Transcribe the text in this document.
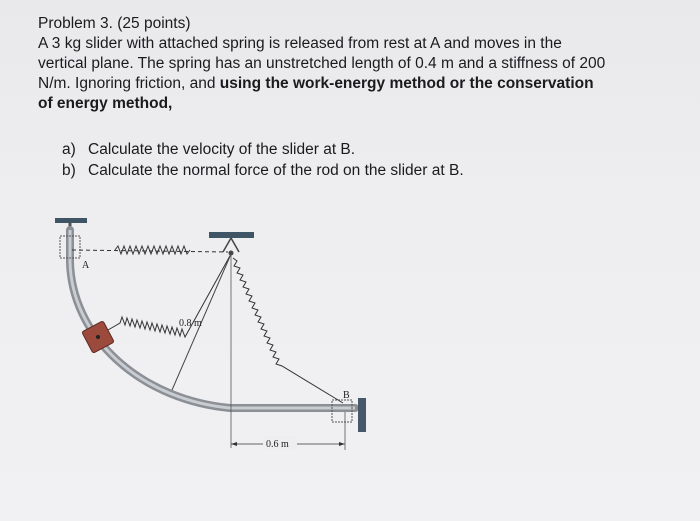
Problem 3. (25 points)
A 3 kg slider with attached spring is released from rest at A and moves in the
vertical plane. The spring has an unstretched length of 0.4 m and a stiffness of 200
N/m. Ignoring friction, and using the work-energy method or the conservation
of energy method,
a) Calculate the velocity of the slider at B.
b) Calculate the normal force of the rod on the slider at B.
A
B
0.8 m
0.6 m
